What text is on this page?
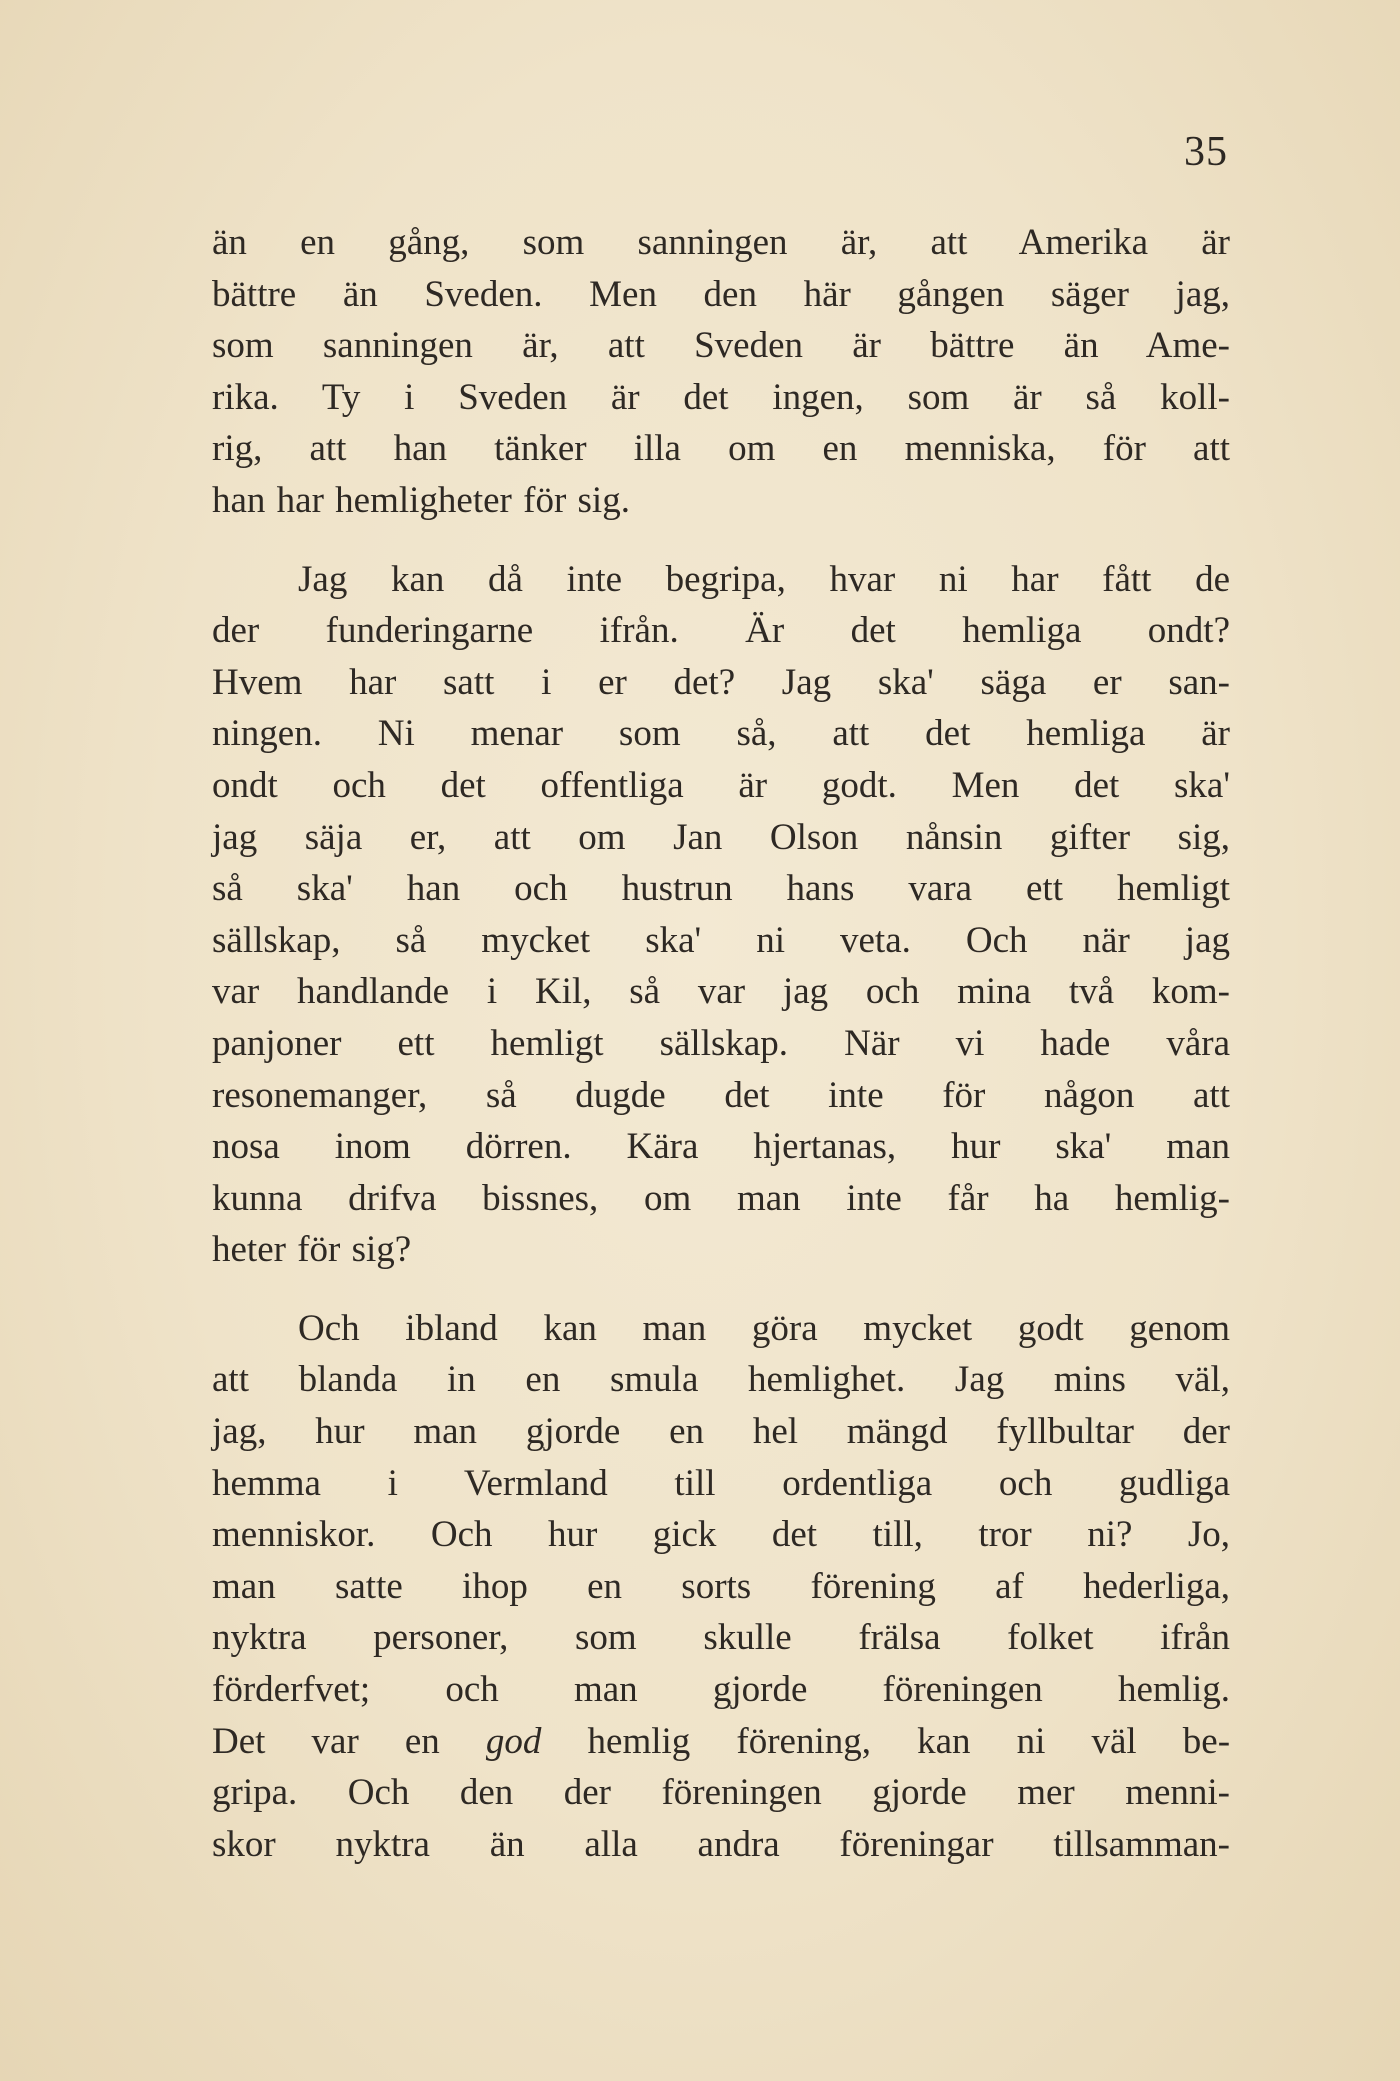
35
än en gång, som sanningen är, att Amerika är
bättre än Sveden. Men den här gången säger jag,
som sanningen är, att Sveden är bättre än Ame-
rika. Ty i Sveden är det ingen, som är så koll-
rig, att han tänker illa om en menniska, för att
han har hemligheter för sig.
Jag kan då inte begripa, hvar ni har fått de
der funderingarne ifrån. Är det hemliga ondt?
Hvem har satt i er det? Jag ska' säga er san-
ningen. Ni menar som så, att det hemliga är
ondt och det offentliga är godt. Men det ska'
jag säja er, att om Jan Olson nånsin gifter sig,
så ska' han och hustrun hans vara ett hemligt
sällskap, så mycket ska' ni veta. Och när jag
var handlande i Kil, så var jag och mina två kom-
panjoner ett hemligt sällskap. När vi hade våra
resonemanger, så dugde det inte för någon att
nosa inom dörren. Kära hjertanas, hur ska' man
kunna drifva bissnes, om man inte får ha hemlig-
heter för sig?
Och ibland kan man göra mycket godt genom
att blanda in en smula hemlighet. Jag mins väl,
jag, hur man gjorde en hel mängd fyllbultar der
hemma i Vermland till ordentliga och gudliga
menniskor. Och hur gick det till, tror ni? Jo,
man satte ihop en sorts förening af hederliga,
nyktra personer, som skulle frälsa folket ifrån
förderfvet; och man gjorde föreningen hemlig.
Det var en god hemlig förening, kan ni väl be-
gripa. Och den der föreningen gjorde mer menni-
skor nyktra än alla andra föreningar tillsamman-
